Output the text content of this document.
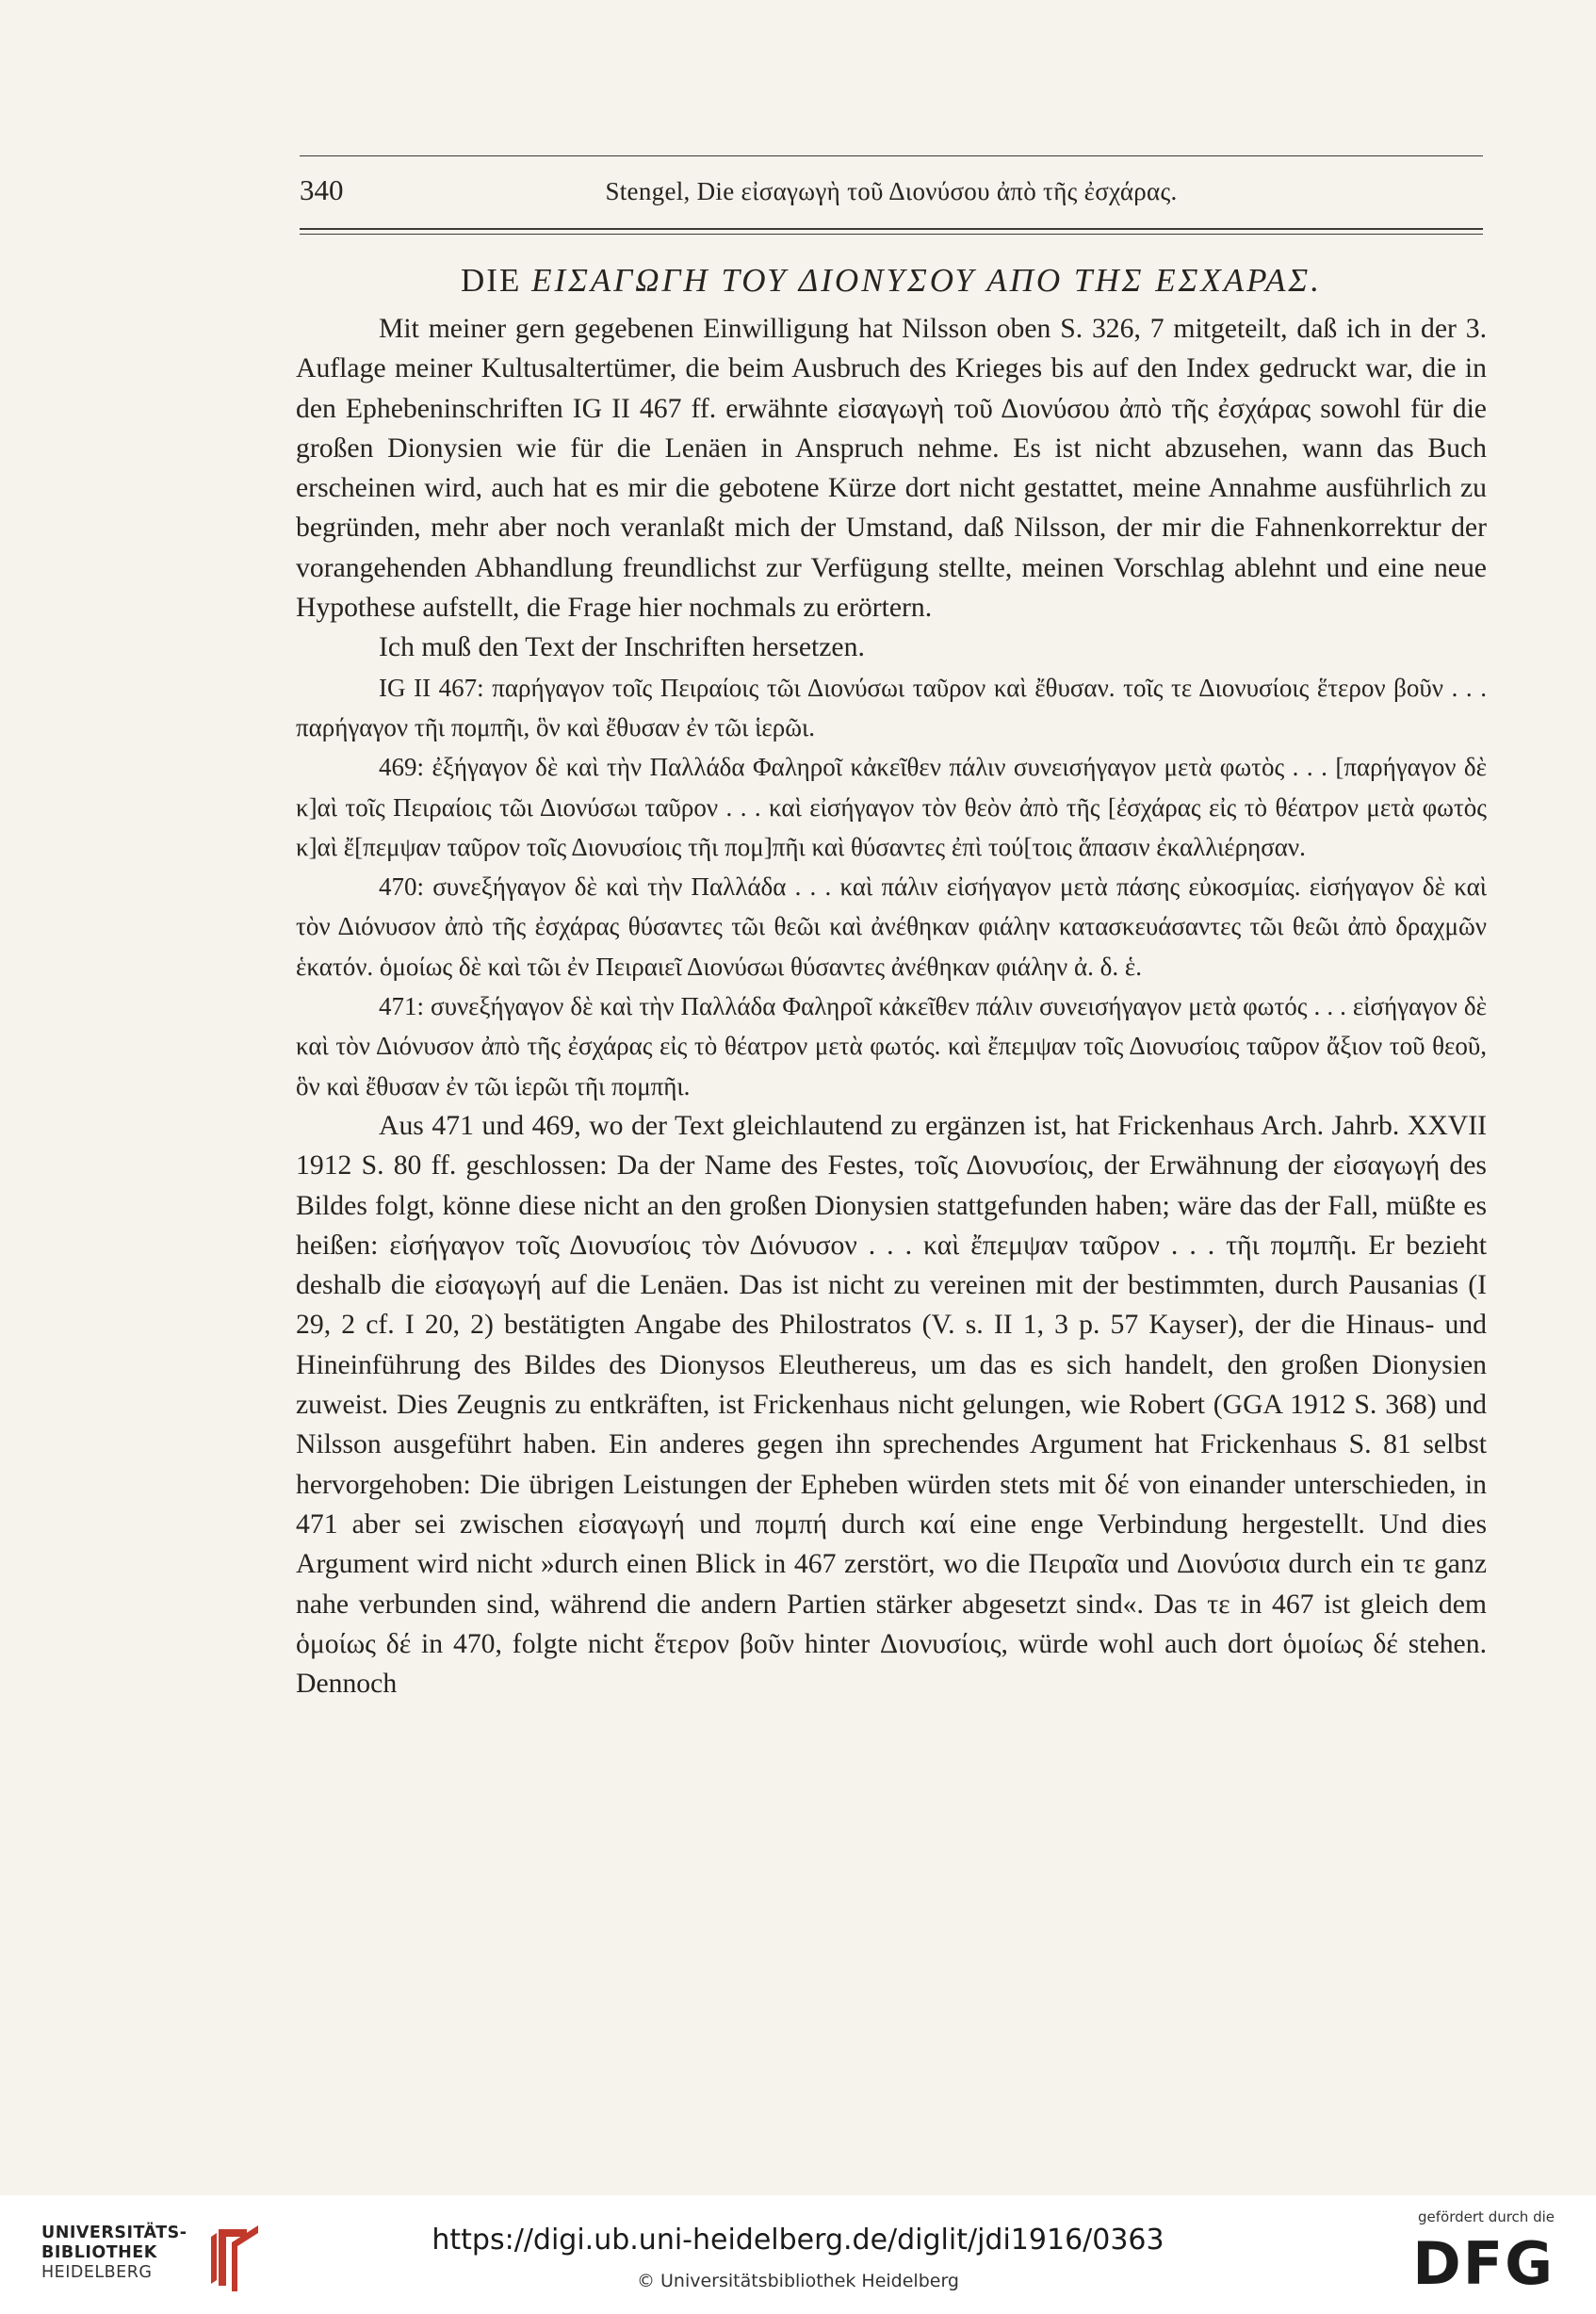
340	Stengel, Die εἰσαγωγὴ τοῦ Διονύσου ἀπὸ τῆς ἐσχάρας.
DIE ΕΙΣΑΓΩΓΗ ΤΟΥ ΔΙΟΝΥΣΟΥ ΑΠΟ ΤΗΣ ΕΣΧΑΡΑΣ.

Mit meiner gern gegebenen Einwilligung hat Nilsson oben S. 326, 7 mitgeteilt, daß ich in der 3. Auflage meiner Kultusaltertümer, die beim Ausbruch des Krieges bis auf den Index gedruckt war, die in den Ephebeninschriften IG II 467 ff. erwähnte εἰσαγωγὴ τοῦ Διονύσου ἀπὸ τῆς ἐσχάρας sowohl für die großen Dionysien wie für die Lenäen in Anspruch nehme. Es ist nicht abzusehen, wann das Buch erscheinen wird, auch hat es mir die gebotene Kürze dort nicht gestattet, meine Annahme ausführlich zu begründen, mehr aber noch veranlaßt mich der Umstand, daß Nilsson, der mir die Fahnenkorrektur der vorangehenden Abhandlung freundlichst zur Verfügung stellte, meinen Vorschlag ablehnt und eine neue Hypothese aufstellt, die Frage hier nochmals zu erörtern.

Ich muß den Text der Inschriften hersetzen.

IG II 467: παρήγαγον τοῖς Πειραίοις τῶι Διονύσωι ταῦρον καὶ ἔθυσαν. τοῖς τε Διονυσίοις ἕτερον βοῦν . . . παρήγαγον τῆι πομπῆι, ὃν καὶ ἔθυσαν ἐν τῶι ἱερῶι.

469: ἐξήγαγον δὲ καὶ τὴν Παλλάδα Φαληροῖ κἀκεῖθεν πάλιν συνεισήγαγον μετὰ φωτὸς . . . [παρήγαγον δὲ κ]αὶ τοῖς Πειραίοις τῶι Διονύσωι ταῦρον . . . καὶ εἰσήγαγον τὸν θεὸν ἀπὸ τῆς [ἐσχάρας εἰς τὸ θέατρον μετὰ φωτὸς κ]αὶ ἔ[πεμψαν ταῦρον τοῖς Διονυσίοις τῆι πομ]πῆι καὶ θύσαντες ἐπὶ τού[τοις ἅπασιν ἐκαλλιέρησαν.

470: συνεξήγαγον δὲ καὶ τὴν Παλλάδα . . . καὶ πάλιν εἰσήγαγον μετὰ πάσης εὐκοσμίας. εἰσήγαγον δὲ καὶ τὸν Διόνυσον ἀπὸ τῆς ἐσχάρας θύσαντες τῶι θεῶι καὶ ἀνέθηκαν φιάλην κατασκευάσαντες τῶι θεῶι ἀπὸ δραχμῶν ἑκατόν. ὁμοίως δὲ καὶ τῶι ἐν Πειραιεῖ Διονύσωι θύσαντες ἀνέθηκαν φιάλην ἀ. δ. ἑ.

471: συνεξήγαγον δὲ καὶ τὴν Παλλάδα Φαληροῖ κἀκεῖθεν πάλιν συνεισήγαγον μετὰ φωτός . . . εἰσήγαγον δὲ καὶ τὸν Διόνυσον ἀπὸ τῆς ἐσχάρας εἰς τὸ θέατρον μετὰ φωτός. καὶ ἔπεμψαν τοῖς Διονυσίοις ταῦρον ἄξιον τοῦ θεοῦ, ὃν καὶ ἔθυσαν ἐν τῶι ἱερῶι τῆι πομπῆι.

Aus 471 und 469, wo der Text gleichlautend zu ergänzen ist, hat Frickenhaus Arch. Jahrb. XXVII 1912 S. 80 ff. geschlossen: Da der Name des Festes, τοῖς Διονυσίοις, der Erwähnung der εἰσαγωγή des Bildes folgt, könne diese nicht an den großen Dionysien stattgefunden haben; wäre das der Fall, müßte es heißen: εἰσήγαγον τοῖς Διονυσίοις τὸν Διόνυσον . . . καὶ ἔπεμψαν ταῦρον . . . τῆι πομπῆι. Er bezieht deshalb die εἰσαγωγή auf die Lenäen. Das ist nicht zu vereinen mit der bestimmten, durch Pausanias (I 29, 2 cf. I 20, 2) bestätigten Angabe des Philostratos (V. s. II 1, 3 p. 57 Kayser), der die Hinaus- und Hineinführung des Bildes des Dionysos Eleuthereus, um das es sich handelt, den großen Dionysien zuweist. Dies Zeugnis zu entkräften, ist Frickenhaus nicht gelungen, wie Robert (GGA 1912 S. 368) und Nilsson ausgeführt haben. Ein anderes gegen ihn sprechendes Argument hat Frickenhaus S. 81 selbst hervorgehoben: Die übrigen Leistungen der Epheben würden stets mit δέ von einander unterschieden, in 471 aber sei zwischen εἰσαγωγή und πομπή durch καί eine enge Verbindung hergestellt. Und dies Argument wird nicht »durch einen Blick in 467 zerstört, wo die Πειραῖα und Διονύσια durch ein τε ganz nahe verbunden sind, während die andern Partien stärker abgesetzt sind«. Das τε in 467 ist gleich dem ὁμοίως δέ in 470, folgte nicht ἕτερον βοῦν hinter Διονυσίοις, würde wohl auch dort ὁμοίως δέ stehen. Dennoch

UNIVERSITÄTS-
BIBLIOTHEK
HEIDELBERG
https://digi.ub.uni-heidelberg.de/diglit/jdi1916/0363
© Universitätsbibliothek Heidelberg
gefördert durch die
DFG
